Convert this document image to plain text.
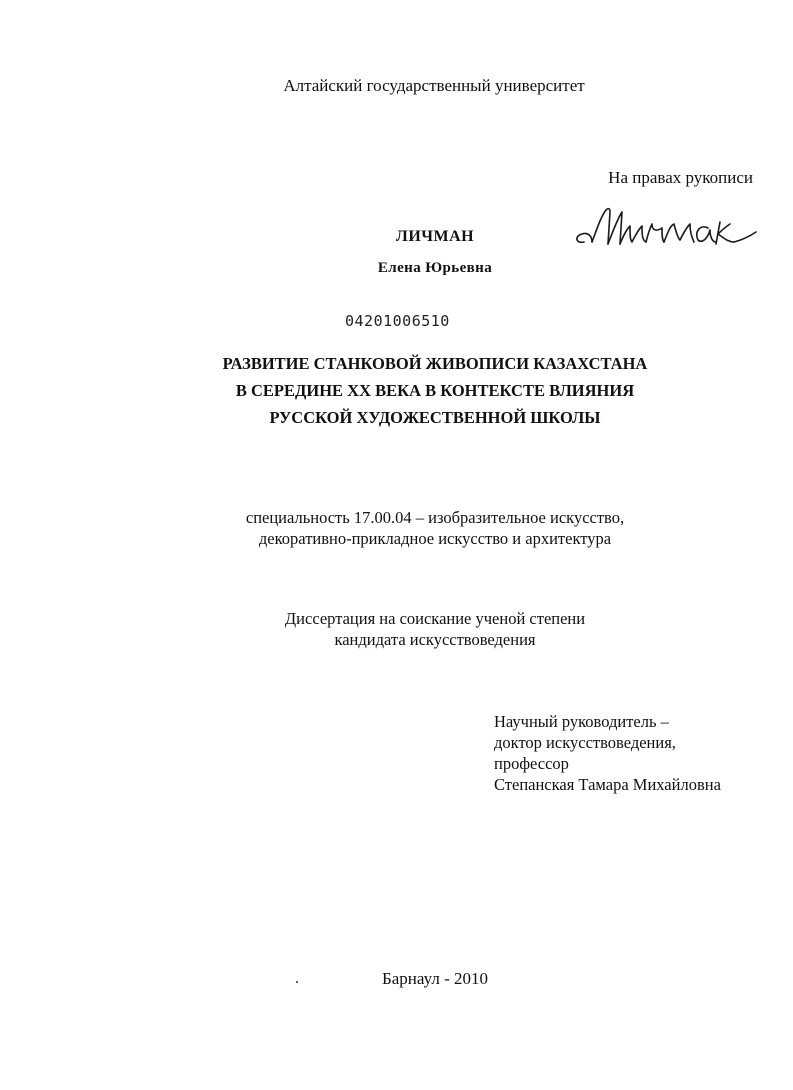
Алтайский государственный университет
На правах рукописи
ЛИЧМАН
Елена Юрьевна
04201006510
РАЗВИТИЕ СТАНКОВОЙ ЖИВОПИСИ КАЗАХСТАНА
В СЕРЕДИНЕ XX ВЕКА В КОНТЕКСТЕ ВЛИЯНИЯ
РУССКОЙ ХУДОЖЕСТВЕННОЙ ШКОЛЫ
специальность 17.00.04 – изобразительное искусство,
декоративно-прикладное искусство и архитектура
Диссертация на соискание ученой степени
кандидата искусствоведения
Научный руководитель –
доктор искусствоведения,
профессор
Степанская Тамара Михайловна
Барнаул - 2010
